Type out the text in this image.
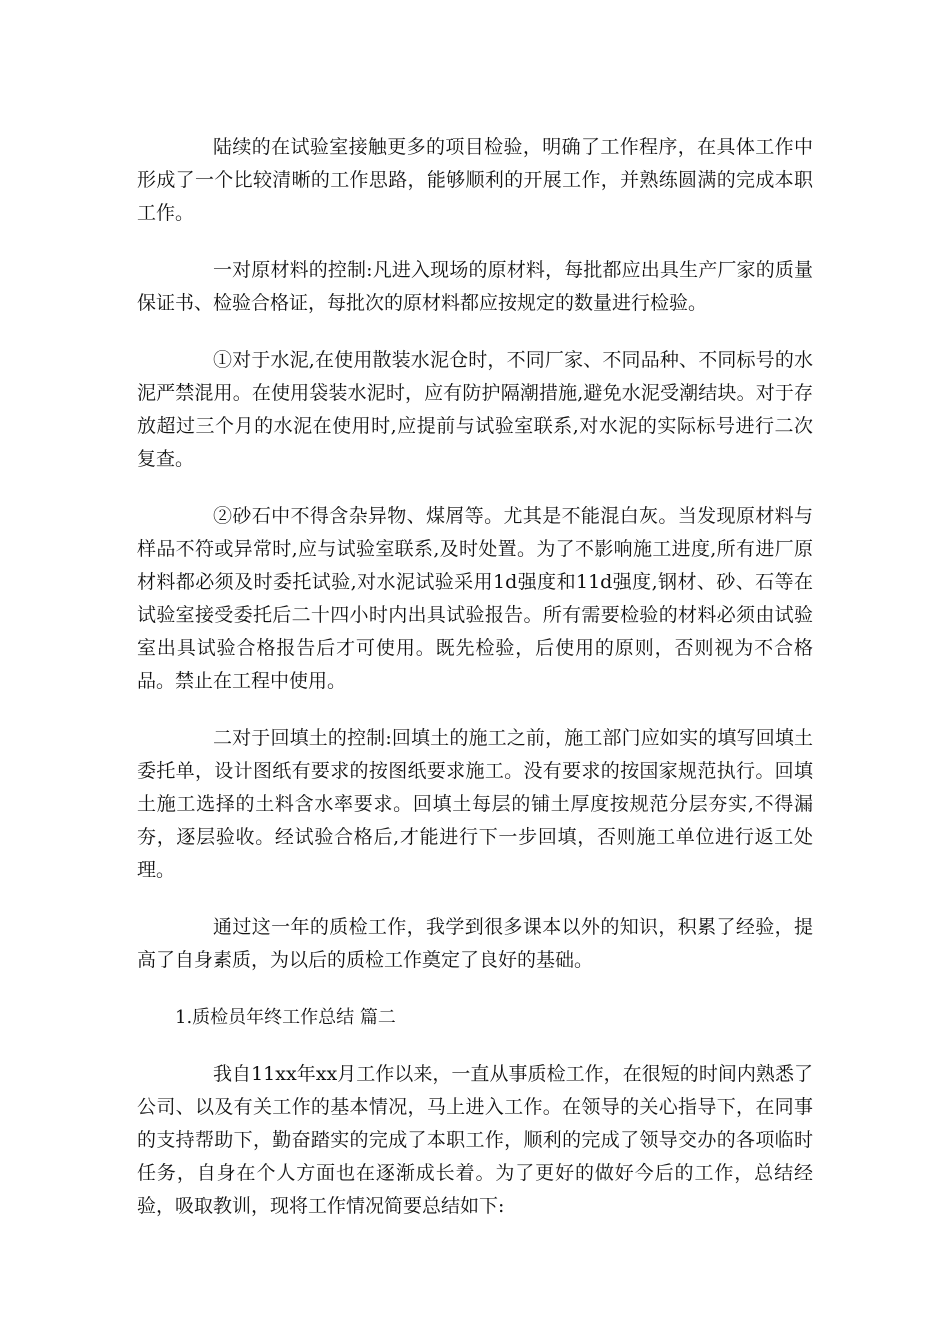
陆续的在试验室接触更多的项目检验，明确了工作程序，在具体工作中形成了一个比较清晰的工作思路，能够顺利的开展工作，并熟练圆满的完成本职工作。

一对原材料的控制:凡进入现场的原材料，每批都应出具生产厂家的质量保证书、检验合格证，每批次的原材料都应按规定的数量进行检验。

①对于水泥,在使用散装水泥仓时，不同厂家、不同品种、不同标号的水泥严禁混用。在使用袋装水泥时，应有防护隔潮措施,避免水泥受潮结块。对于存放超过三个月的水泥在使用时,应提前与试验室联系,对水泥的实际标号进行二次复查。

②砂石中不得含杂异物、煤屑等。尤其是不能混白灰。当发现原材料与样品不符或异常时,应与试验室联系,及时处置。为了不影响施工进度,所有进厂原材料都必须及时委托试验,对水泥试验采用1d强度和11d强度,钢材、砂、石等在试验室接受委托后二十四小时内出具试验报告。所有需要检验的材料必须由试验室出具试验合格报告后才可使用。既先检验，后使用的原则，否则视为不合格品。禁止在工程中使用。

二对于回填土的控制:回填土的施工之前，施工部门应如实的填写回填土委托单，设计图纸有要求的按图纸要求施工。没有要求的按国家规范执行。回填土施工选择的土料含水率要求。回填土每层的铺土厚度按规范分层夯实,不得漏夯，逐层验收。经试验合格后,才能进行下一步回填，否则施工单位进行返工处理。

通过这一年的质检工作，我学到很多课本以外的知识，积累了经验，提高了自身素质，为以后的质检工作奠定了良好的基础。

1.质检员年终工作总结 篇二

我自11xx年xx月工作以来，一直从事质检工作，在很短的时间内熟悉了公司、以及有关工作的基本情况，马上进入工作。在领导的关心指导下，在同事的支持帮助下，勤奋踏实的完成了本职工作，顺利的完成了领导交办的各项临时任务，自身在个人方面也在逐渐成长着。为了更好的做好今后的工作，总结经验，吸取教训，现将工作情况简要总结如下:
